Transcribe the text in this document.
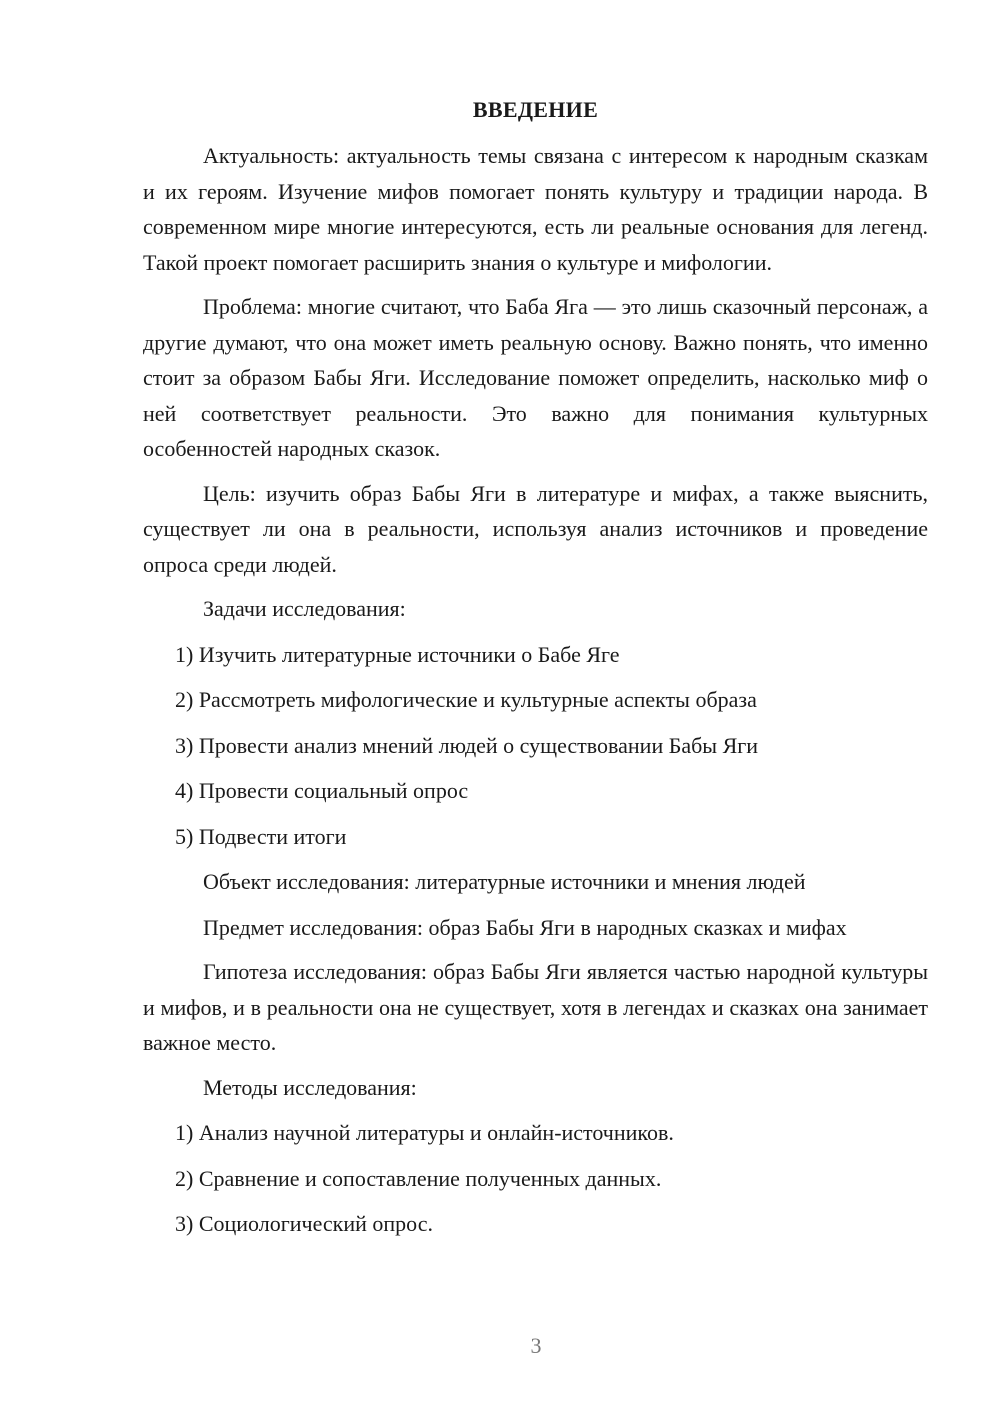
ВВЕДЕНИЕ

Актуальность: актуальность темы связана с интересом к народным сказкам и их героям. Изучение мифов помогает понять культуру и традиции народа. В современном мире многие интересуются, есть ли реальные основания для легенд. Такой проект помогает расширить знания о культуре и мифологии.

Проблема: многие считают, что Баба Яга — это лишь сказочный персонаж, а другие думают, что она может иметь реальную основу. Важно понять, что именно стоит за образом Бабы Яги. Исследование поможет определить, насколько миф о ней соответствует реальности. Это важно для понимания культурных особенностей народных сказок.

Цель: изучить образ Бабы Яги в литературе и мифах, а также выяснить, существует ли она в реальности, используя анализ источников и проведение опроса среди людей.

Задачи исследования:
1) Изучить литературные источники о Бабе Яге
2) Рассмотреть мифологические и культурные аспекты образа
3) Провести анализ мнений людей о существовании Бабы Яги
4) Провести социальный опрос
5) Подвести итоги
Объект исследования: литературные источники и мнения людей

Предмет исследования: образ Бабы Яги в народных сказках и мифах

Гипотеза исследования: образ Бабы Яги является частью народной культуры и мифов, и в реальности она не существует, хотя в легендах и сказках она занимает важное место.

Методы исследования:
1) Анализ научной литературы и онлайн-источников.
2) Сравнение и сопоставление полученных данных.
3) Социологический опрос.
3
